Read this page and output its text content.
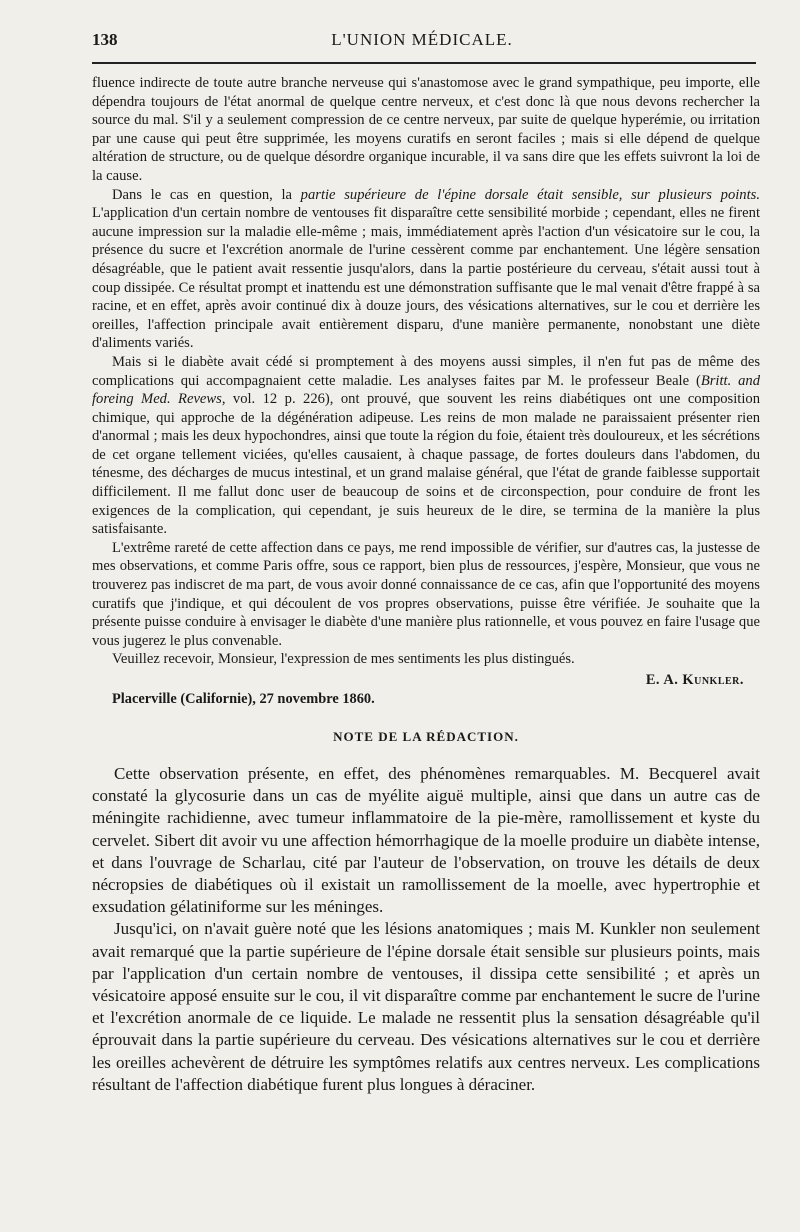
138	L'UNION MÉDICALE.

fluence indirecte de toute autre branche nerveuse qui s'anastomose avec le grand sympathique, peu importe, elle dépendra toujours de l'état anormal de quelque centre nerveux, et c'est donc là que nous devons rechercher la source du mal. S'il y a seulement compression de ce centre nerveux, par suite de quelque hyperémie, ou irritation par une cause qui peut être supprimée, les moyens curatifs en seront faciles ; mais si elle dépend de quelque altération de structure, ou de quelque désordre organique incurable, il va sans dire que les effets suivront la loi de la cause.

Dans le cas en question, la partie supérieure de l'épine dorsale était sensible, sur plusieurs points. L'application d'un certain nombre de ventouses fit disparaître cette sensibilité morbide ; cependant, elles ne firent aucune impression sur la maladie elle-même ; mais, immédiatement après l'action d'un vésicatoire sur le cou, la présence du sucre et l'excrétion anormale de l'urine cessèrent comme par enchantement. Une légère sensation désagréable, que le patient avait ressentie jusqu'alors, dans la partie postérieure du cerveau, s'était aussi tout à coup dissipée. Ce résultat prompt et inattendu est une démonstration suffisante que le mal venait d'être frappé à sa racine, et en effet, après avoir continué dix à douze jours, des vésications alternatives, sur le cou et derrière les oreilles, l'affection principale avait entièrement disparu, d'une manière permanente, nonobstant une diète d'aliments variés.

Mais si le diabète avait cédé si promptement à des moyens aussi simples, il n'en fut pas de même des complications qui accompagnaient cette maladie. Les analyses faites par M. le professeur Beale (Britt. and foreing Med. Revews, vol. 12 p. 226), ont prouvé, que souvent les reins diabétiques ont une composition chimique, qui approche de la dégénération adipeuse. Les reins de mon malade ne paraissaient présenter rien d'anormal ; mais les deux hypochondres, ainsi que toute la région du foie, étaient très douloureux, et les sécrétions de cet organe tellement viciées, qu'elles causaient, à chaque passage, de fortes douleurs dans l'abdomen, du ténesme, des décharges de mucus intestinal, et un grand malaise général, que l'état de grande faiblesse supportait difficilement. Il me fallut donc user de beaucoup de soins et de circonspection, pour conduire de front les exigences de la complication, qui cependant, je suis heureux de le dire, se termina de la manière la plus satisfaisante.

L'extrême rareté de cette affection dans ce pays, me rend impossible de vérifier, sur d'autres cas, la justesse de mes observations, et comme Paris offre, sous ce rapport, bien plus de ressources, j'espère, Monsieur, que vous ne trouverez pas indiscret de ma part, de vous avoir donné connaissance de ce cas, afin que l'opportunité des moyens curatifs que j'indique, et qui découlent de vos propres observations, puisse être vérifiée. Je souhaite que la présente puisse conduire à envisager le diabète d'une manière plus rationnelle, et vous pouvez en faire l'usage que vous jugerez le plus convenable.

Veuillez recevoir, Monsieur, l'expression de mes sentiments les plus distingués.

E. A. Kunkler.
Placerville (Californie), 27 novembre 1860.
NOTE DE LA RÉDACTION.

Cette observation présente, en effet, des phénomènes remarquables. M. Becquerel avait constaté la glycosurie dans un cas de myélite aiguë multiple, ainsi que dans un autre cas de méningite rachidienne, avec tumeur inflammatoire de la pie-mère, ramollissement et kyste du cervelet. Sibert dit avoir vu une affection hémorrhagique de la moelle produire un diabète intense, et dans l'ouvrage de Scharlau, cité par l'auteur de l'observation, on trouve les détails de deux nécropsies de diabétiques où il existait un ramollissement de la moelle, avec hypertrophie et exsudation gélatiniforme sur les méninges.

Jusqu'ici, on n'avait guère noté que les lésions anatomiques ; mais M. Kunkler non seulement avait remarqué que la partie supérieure de l'épine dorsale était sensible sur plusieurs points, mais par l'application d'un certain nombre de ventouses, il dissipa cette sensibilité ; et après un vésicatoire apposé ensuite sur le cou, il vit disparaître comme par enchantement le sucre de l'urine et l'excrétion anormale de ce liquide. Le malade ne ressentit plus la sensation désagréable qu'il éprouvait dans la partie supérieure du cerveau. Des vésications alternatives sur le cou et derrière les oreilles achevèrent de détruire les symptômes relatifs aux centres nerveux. Les complications résultant de l'affection diabétique furent plus longues à déraciner.
